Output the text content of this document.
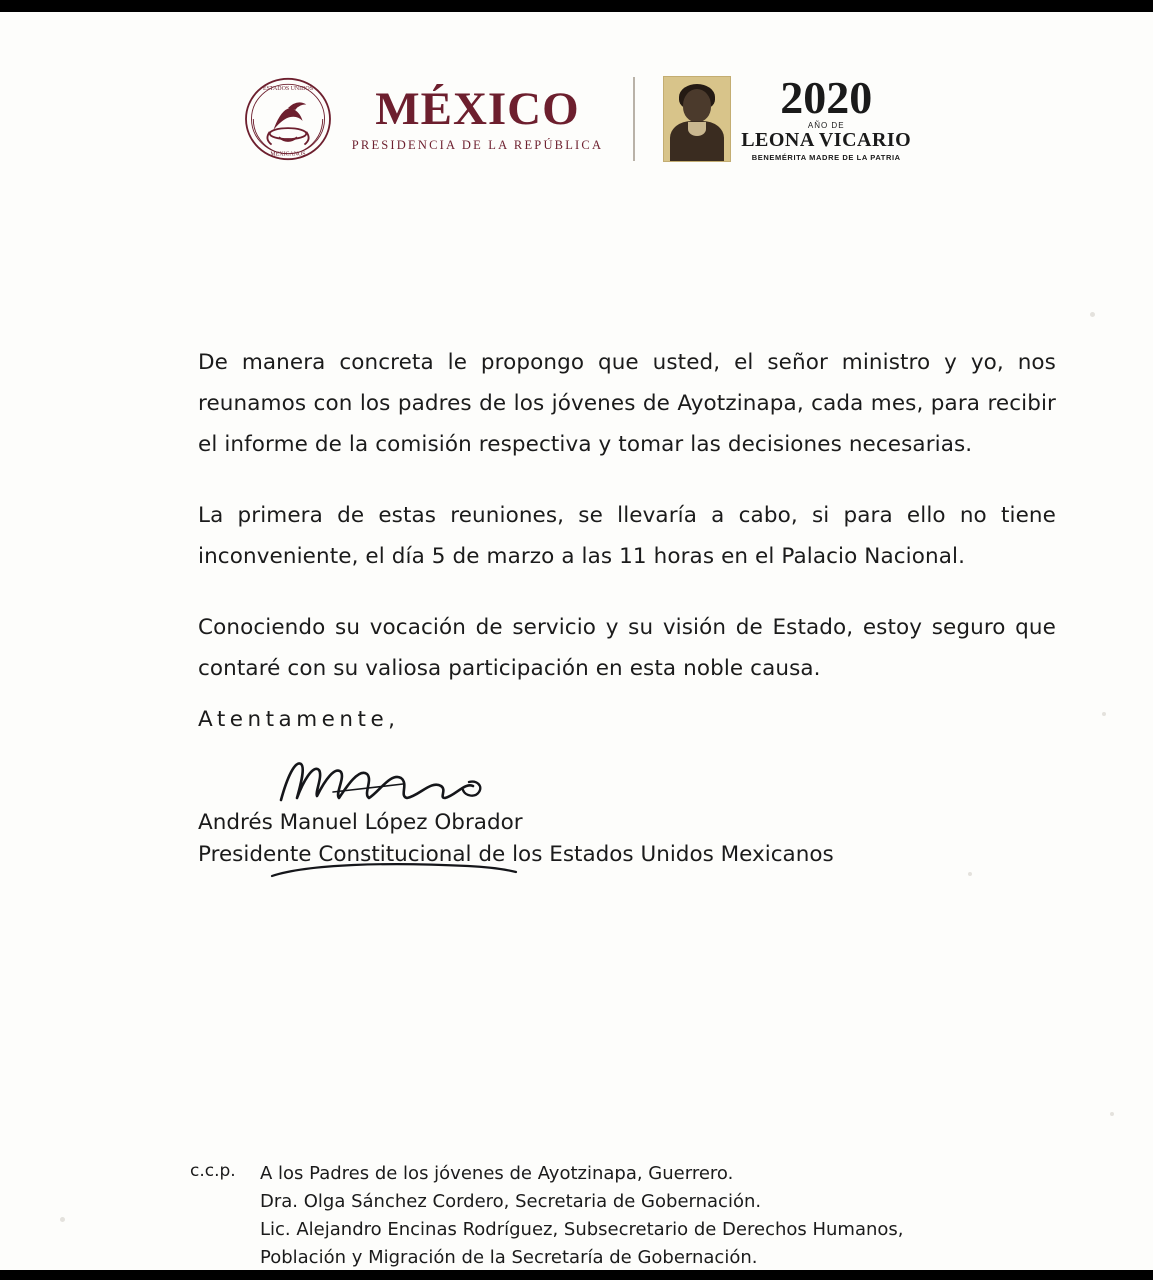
ESTADOS UNIDOS
MEXICANOS
MÉXICO
PRESIDENCIA DE LA REPÚBLICA
2020
AÑO DE
LEONA VICARIO
BENEMÉRITA MADRE DE LA PATRIA

De manera concreta le propongo que usted, el señor ministro y yo, nos reunamos con los padres de los jóvenes de Ayotzinapa, cada mes, para recibir el informe de la comisión respectiva y tomar las decisiones necesarias.

La primera de estas reuniones, se llevaría a cabo, si para ello no tiene inconveniente, el día 5 de marzo a las 11 horas en el Palacio Nacional.

Conociendo su vocación de servicio y su visión de Estado, estoy seguro que contaré con su valiosa participación en esta noble causa.

Atentamente,
Andrés Manuel López Obrador
Presidente Constitucional de los Estados Unidos Mexicanos
c.c.p.	A los Padres de los jóvenes de Ayotzinapa, Guerrero.
Dra. Olga Sánchez Cordero, Secretaria de Gobernación.
Lic. Alejandro Encinas Rodríguez, Subsecretario de Derechos Humanos, Población y Migración de la Secretaría de Gobernación.
